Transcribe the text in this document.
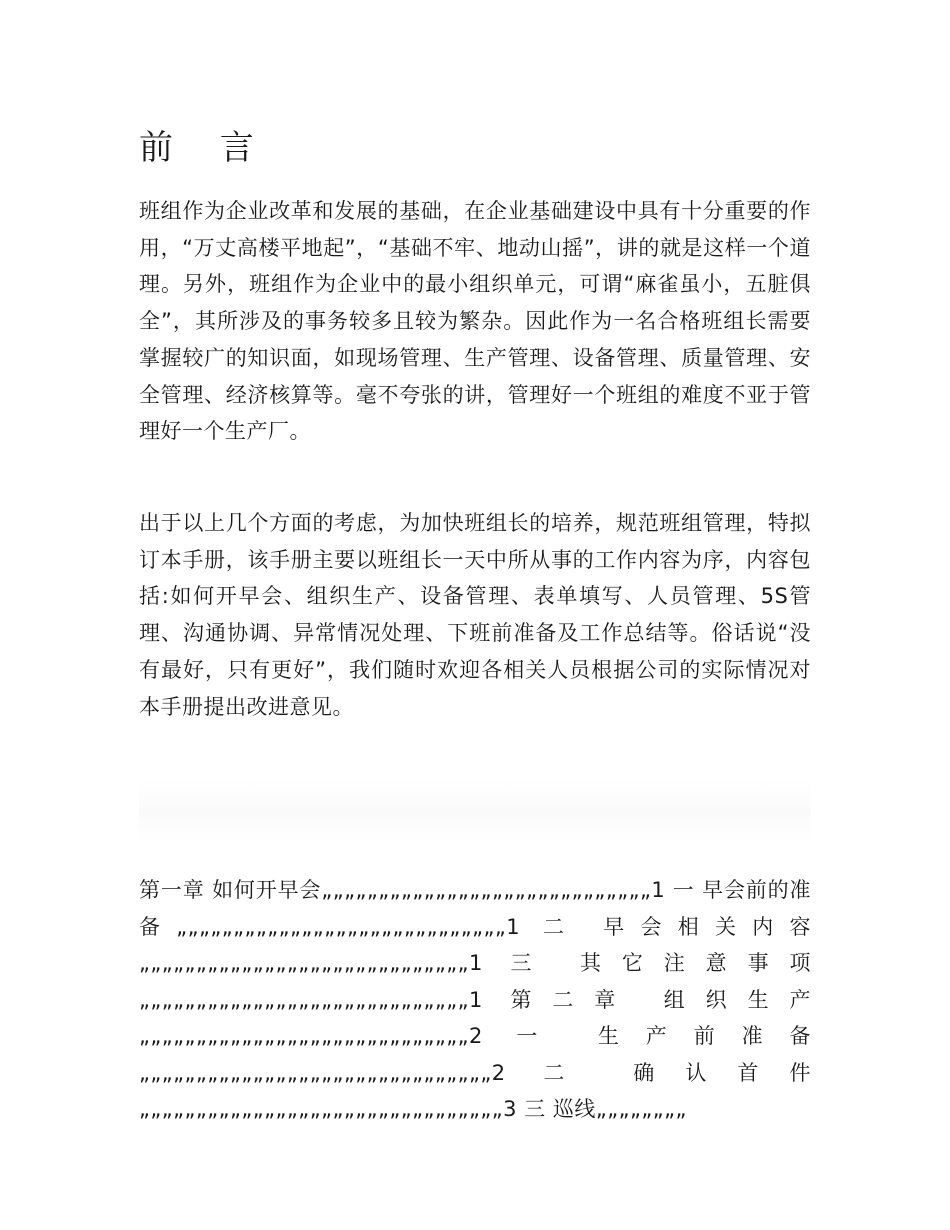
前 言

班组作为企业改革和发展的基础，在企业基础建设中具有十分重要的作用，“万丈高楼平地起”，“基础不牢、地动山摇”，讲的就是这样一个道理。另外，班组作为企业中的最小组织单元，可谓“麻雀虽小，五脏俱全”，其所涉及的事务较多且较为繁杂。因此作为一名合格班组长需要掌握较广的知识面，如现场管理、生产管理、设备管理、质量管理、安全管理、经济核算等。毫不夸张的讲，管理好一个班组的难度不亚于管理好一个生产厂。

出于以上几个方面的考虑，为加快班组长的培养，规范班组管理，特拟订本手册，该手册主要以班组长一天中所从事的工作内容为序，内容包括:如何开早会、组织生产、设备管理、表单填写、人员管理、5S管理、沟通协调、异常情况处理、下班前准备及工作总结等。俗话说“没有最好，只有更好”，我们随时欢迎各相关人员根据公司的实际情况对本手册提出改进意见。

第一章 如何开早会„„„„„„„„„„„„„„„„„„„„„„„„„„„„„1 一 早会前的准备„„„„„„„„„„„„„„„„„„„„„„„„„„„„„1 二 早会相关内容„„„„„„„„„„„„„„„„„„„„„„„„„„„„„1 三 其它注意事项„„„„„„„„„„„„„„„„„„„„„„„„„„„„„1 第二章 组织生产„„„„„„„„„„„„„„„„„„„„„„„„„„„„„2 一 生产前准备„„„„„„„„„„„„„„„„„„„„„„„„„„„„„„„2 二 确认首件„„„„„„„„„„„„„„„„„„„„„„„„„„„„„„„„3 三 巡线„„„„„„„„
